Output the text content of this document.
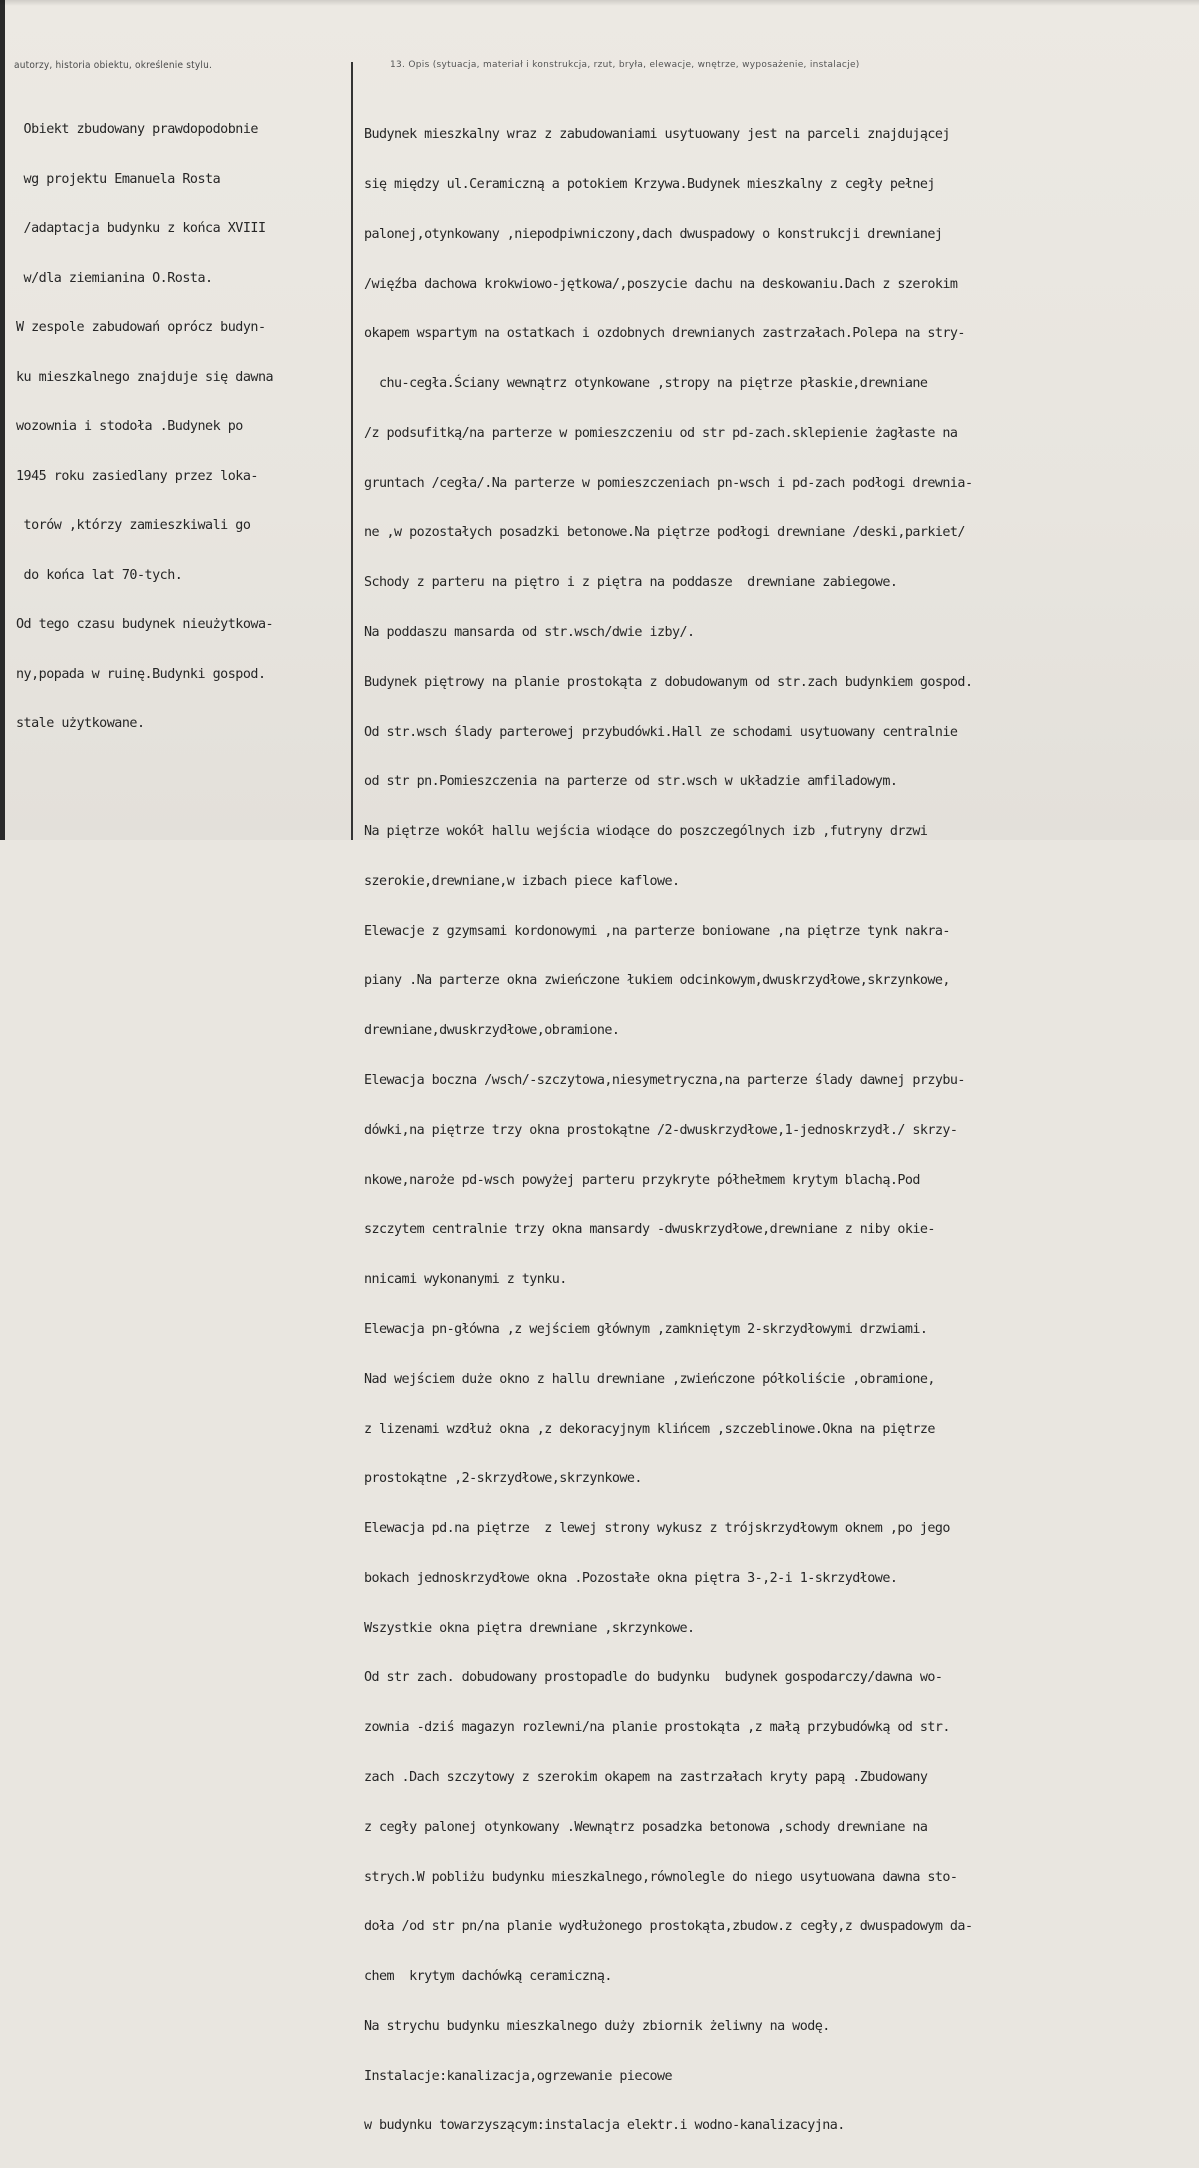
autorzy, historia obiektu, określenie stylu.	13. Opis (sytuacja, materiał i konstrukcja, rzut, bryła, elewacje, wnętrze, wyposażenie, instalacje)

Obiekt zbudowany prawdopodobnie

wg projektu Emanuela Rosta

/adaptacja budynku z końca XVIII

w/dla ziemianina O.Rosta.

W zespole zabudowań oprócz budyn-

ku mieszkalnego znajduje się dawna

wozownia i stodoła .Budynek po

1945 roku zasiedlany przez loka-

torów ,którzy zamieszkiwali go

do końca lat 70-tych.

Od tego czasu budynek nieużytkowa-

ny,popada w ruinę.Budynki gospod.

stale użytkowane.

Budynek mieszkalny wraz z zabudowaniami usytuowany jest na parceli znajdującej

się między ul.Ceramiczną a potokiem Krzywa.Budynek mieszkalny z cegły pełnej

palonej,otynkowany ,niepodpiwniczony,dach dwuspadowy o konstrukcji drewnianej

/więźba dachowa krokwiowo-jętkowa/,poszycie dachu na deskowaniu.Dach z szerokim

okapem wspartym na ostatkach i ozdobnych drewnianych zastrzałach.Polepa na stry-

chu-cegła.Ściany wewnątrz otynkowane ,stropy na piętrze płaskie,drewniane

/z podsufitką/na parterze w pomieszczeniu od str pd-zach.sklepienie żagłaste na

gruntach /cegła/.Na parterze w pomieszczeniach pn-wsch i pd-zach podłogi drewnia-

ne ,w pozostałych posadzki betonowe.Na piętrze podłogi drewniane /deski,parkiet/

Schody z parteru na piętro i z piętra na poddasze  drewniane zabiegowe.

Na poddaszu mansarda od str.wsch/dwie izby/.

Budynek piętrowy na planie prostokąta z dobudowanym od str.zach budynkiem gospod.

Od str.wsch ślady parterowej przybudówki.Hall ze schodami usytuowany centralnie

od str pn.Pomieszczenia na parterze od str.wsch w układzie amfiladowym.

Na piętrze wokół hallu wejścia wiodące do poszczególnych izb ,futryny drzwi

szerokie,drewniane,w izbach piece kaflowe.

Elewacje z gzymsami kordonowymi ,na parterze boniowane ,na piętrze tynk nakra-

piany .Na parterze okna zwieńczone łukiem odcinkowym,dwuskrzydłowe,skrzynkowe,

drewniane,dwuskrzydłowe,obramione.

Elewacja boczna /wsch/-szczytowa,niesymetryczna,na parterze ślady dawnej przybu-

dówki,na piętrze trzy okna prostokątne /2-dwuskrzydłowe,1-jednoskrzydł./ skrzy-

nkowe,naroże pd-wsch powyżej parteru przykryte półhełmem krytym blachą.Pod

szczytem centralnie trzy okna mansardy -dwuskrzydłowe,drewniane z niby okie-

nnicami wykonanymi z tynku.

Elewacja pn-główna ,z wejściem głównym ,zamkniętym 2-skrzydłowymi drzwiami.

Nad wejściem duże okno z hallu drewniane ,zwieńczone półkoliście ,obramione,

z lizenami wzdłuż okna ,z dekoracyjnym klińcem ,szczeblinowe.Okna na piętrze

prostokątne ,2-skrzydłowe,skrzynkowe.

Elewacja pd.na piętrze  z lewej strony wykusz z trójskrzydłowym oknem ,po jego

bokach jednoskrzydłowe okna .Pozostałe okna piętra 3-,2-i 1-skrzydłowe.

Wszystkie okna piętra drewniane ,skrzynkowe.

Od str zach. dobudowany prostopadle do budynku  budynek gospodarczy/dawna wo-

zownia -dziś magazyn rozlewni/na planie prostokąta ,z małą przybudówką od str.

zach .Dach szczytowy z szerokim okapem na zastrzałach kryty papą .Zbudowany

z cegły palonej otynkowany .Wewnątrz posadzka betonowa ,schody drewniane na

strych.W pobliżu budynku mieszkalnego,równolegle do niego usytuowana dawna sto-

doła /od str pn/na planie wydłużonego prostokąta,zbudow.z cegły,z dwuspadowym da-

chem  krytym dachówką ceramiczną.

Na strychu budynku mieszkalnego duży zbiornik żeliwny na wodę.

Instalacje:kanalizacja,ogrzewanie piecowe

w budynku towarzyszącym:instalacja elektr.i wodno-kanalizacyjna.
